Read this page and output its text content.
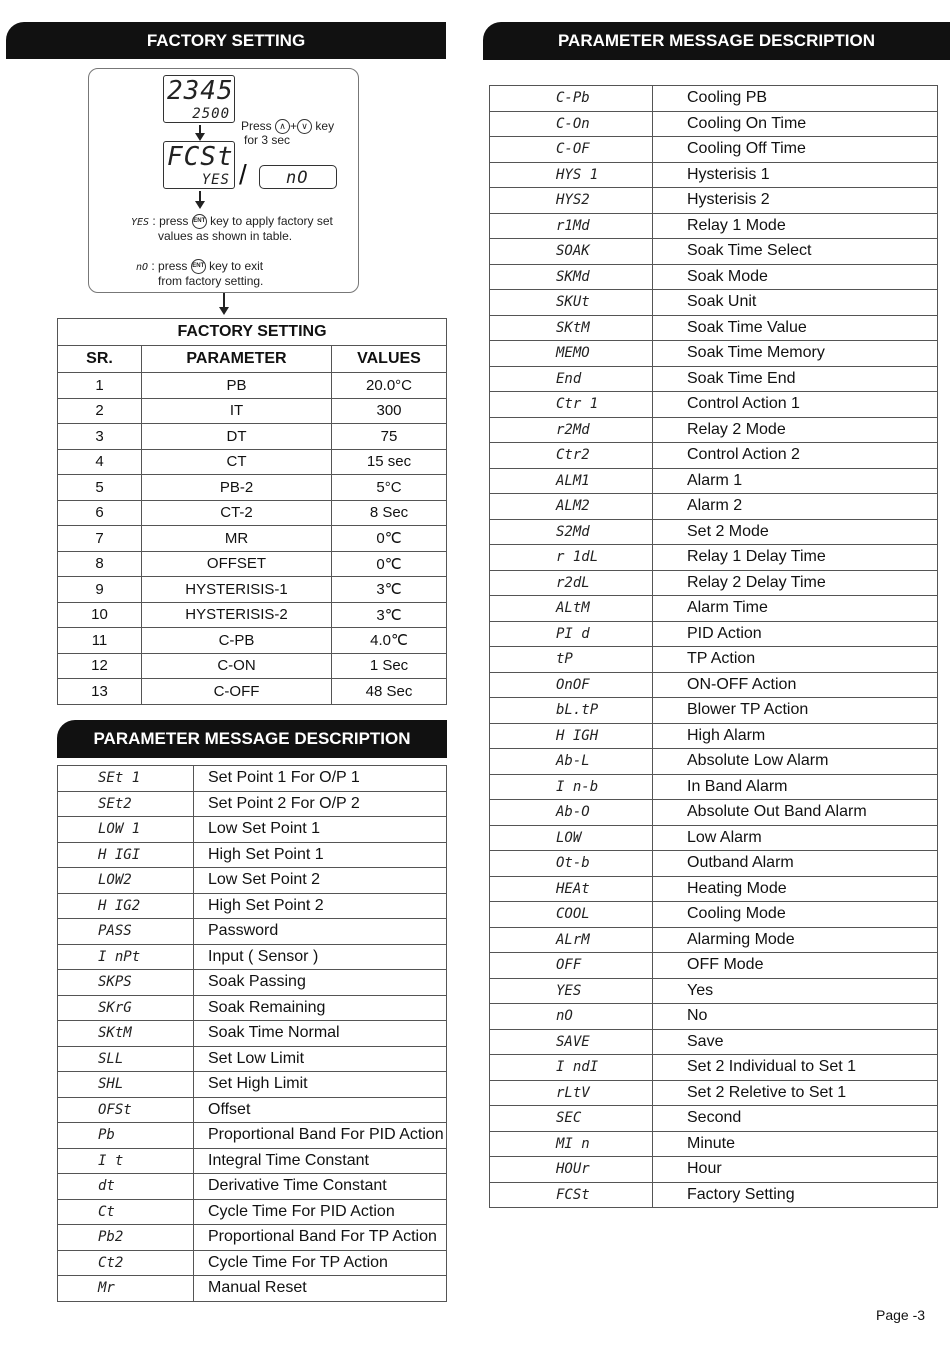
FACTORY SETTING	PARAMETER MESSAGE DESCRIPTION
2345
2500
Press ∧ + ∨ key
for 3 sec
FCSt
YES / nO
YES : press ENT key to apply factory set
values as shown in table.
nO : press ENT key to exit
from factory setting.
FACTORY SETTING		
SR.	PARAMETER	VALUES
1	PB	20.0°C
2	IT	300
3	DT	75
4	CT	15 sec
5	PB-2	5°C
6	CT-2	8 Sec
7	MR	0℃
8	OFFSET	0℃
9	HYSTERISIS-1	3℃
10	HYSTERISIS-2	3℃
11	C-PB	4.0℃
12	C-ON	1 Sec
13	C-OFF	48 Sec
PARAMETER MESSAGE DESCRIPTION
SEt 1	Set Point 1 For O/P 1
SEt2	Set Point 2 For O/P 2
LOW 1	Low Set Point 1
H IGI	High Set Point 1
LOW2	Low Set Point 2
H IG2	High Set Point 2
PASS	Password
I nPt	Input ( Sensor )
SKPS	Soak Passing
SKrG	Soak Remaining
SKtM	Soak Time Normal
SLL	Set Low Limit
SHL	Set High Limit
OFSt	Offset
Pb	Proportional Band For PID Action
I t	Integral Time Constant
dt	Derivative Time Constant
Ct	Cycle Time For PID Action
Pb2	Proportional Band For TP Action
Ct2	Cycle Time For TP Action
Mr	Manual Reset
C-Pb	Cooling PB
C-On	Cooling On Time
C-OF	Cooling Off Time
HYS 1	Hysterisis 1
HYS2	Hysterisis 2
r1Md	Relay 1 Mode
SOAK	Soak Time Select
SKMd	Soak Mode
SKUt	Soak Unit
SKtM	Soak Time Value
MEMO	Soak Time Memory
End	Soak Time End
Ctr 1	Control Action 1
r2Md	Relay 2 Mode
Ctr2	Control Action 2
ALM1	Alarm 1
ALM2	Alarm 2
S2Md	Set 2 Mode
r 1dL	Relay 1 Delay Time
r2dL	Relay 2 Delay Time
ALtM	Alarm Time
PI d	PID Action
tP	TP Action
OnOF	ON-OFF Action
bL.tP	Blower TP Action
H IGH	High Alarm
Ab-L	Absolute Low Alarm
I n-b	In Band Alarm
Ab-O	Absolute Out Band Alarm
LOW	Low Alarm
Ot-b	Outband Alarm
HEAt	Heating Mode
COOL	Cooling Mode
ALrM	Alarming Mode
OFF	OFF Mode
YES	Yes
nO	No
SAVE	Save
I ndI	Set 2 Individual to Set 1
rLtV	Set 2 Reletive to Set 1
SEC	Second
MI n	Minute
HOUr	Hour
FCSt	Factory Setting
Page -3
